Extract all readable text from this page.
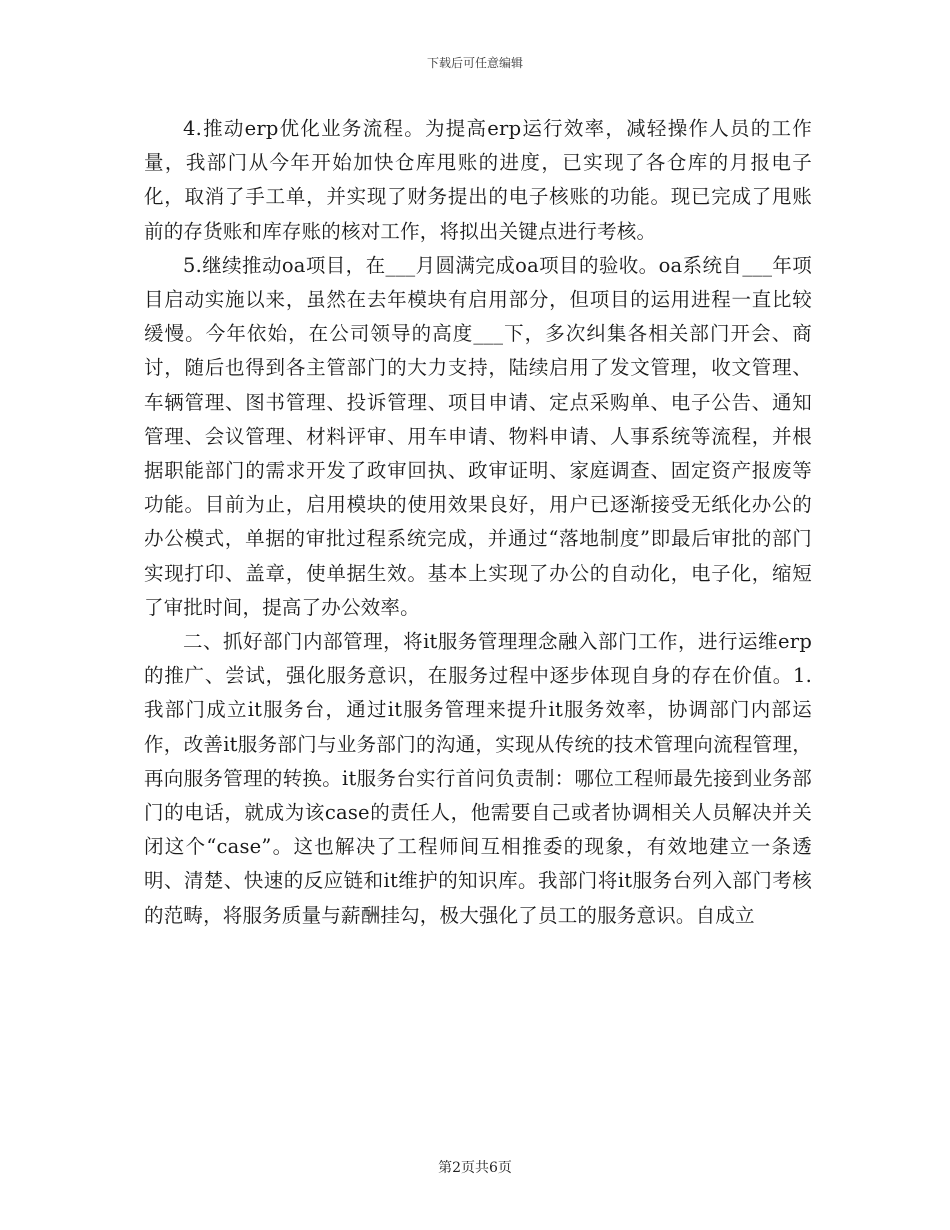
下载后可任意编辑

4.推动erp优化业务流程。为提高erp运行效率，减轻操作人员的工作量，我部门从今年开始加快仓库甩账的进度，已实现了各仓库的月报电子化，取消了手工单，并实现了财务提出的电子核账的功能。现已完成了甩账前的存货账和库存账的核对工作，将拟出关键点进行考核。

5.继续推动oa项目，在___月圆满完成oa项目的验收。oa系统自___年项目启动实施以来，虽然在去年模块有启用部分，但项目的运用进程一直比较缓慢。今年依始，在公司领导的高度___下，多次纠集各相关部门开会、商讨，随后也得到各主管部门的大力支持，陆续启用了发文管理，收文管理、车辆管理、图书管理、投诉管理、项目申请、定点采购单、电子公告、通知管理、会议管理、材料评审、用车申请、物料申请、人事系统等流程，并根据职能部门的需求开发了政审回执、政审证明、家庭调查、固定资产报废等功能。目前为止，启用模块的使用效果良好，用户已逐渐接受无纸化办公的办公模式，单据的审批过程系统完成，并通过“落地制度”即最后审批的部门实现打印、盖章，使单据生效。基本上实现了办公的自动化，电子化，缩短了审批时间，提高了办公效率。

二、抓好部门内部管理，将it服务管理理念融入部门工作，进行运维erp的推广、尝试，强化服务意识，在服务过程中逐步体现自身的存在价值。1. 我部门成立it服务台，通过it服务管理来提升it服务效率，协调部门内部运作，改善it服务部门与业务部门的沟通，实现从传统的技术管理向流程管理，再向服务管理的转换。it服务台实行首问负责制：哪位工程师最先接到业务部门的电话，就成为该case的责任人，他需要自己或者协调相关人员解决并关闭这个“case”。这也解决了工程师间互相推委的现象，有效地建立一条透明、清楚、快速的反应链和it维护的知识库。我部门将it服务台列入部门考核的范畴，将服务质量与薪酬挂勾，极大强化了员工的服务意识。自成立

第2页共6页
